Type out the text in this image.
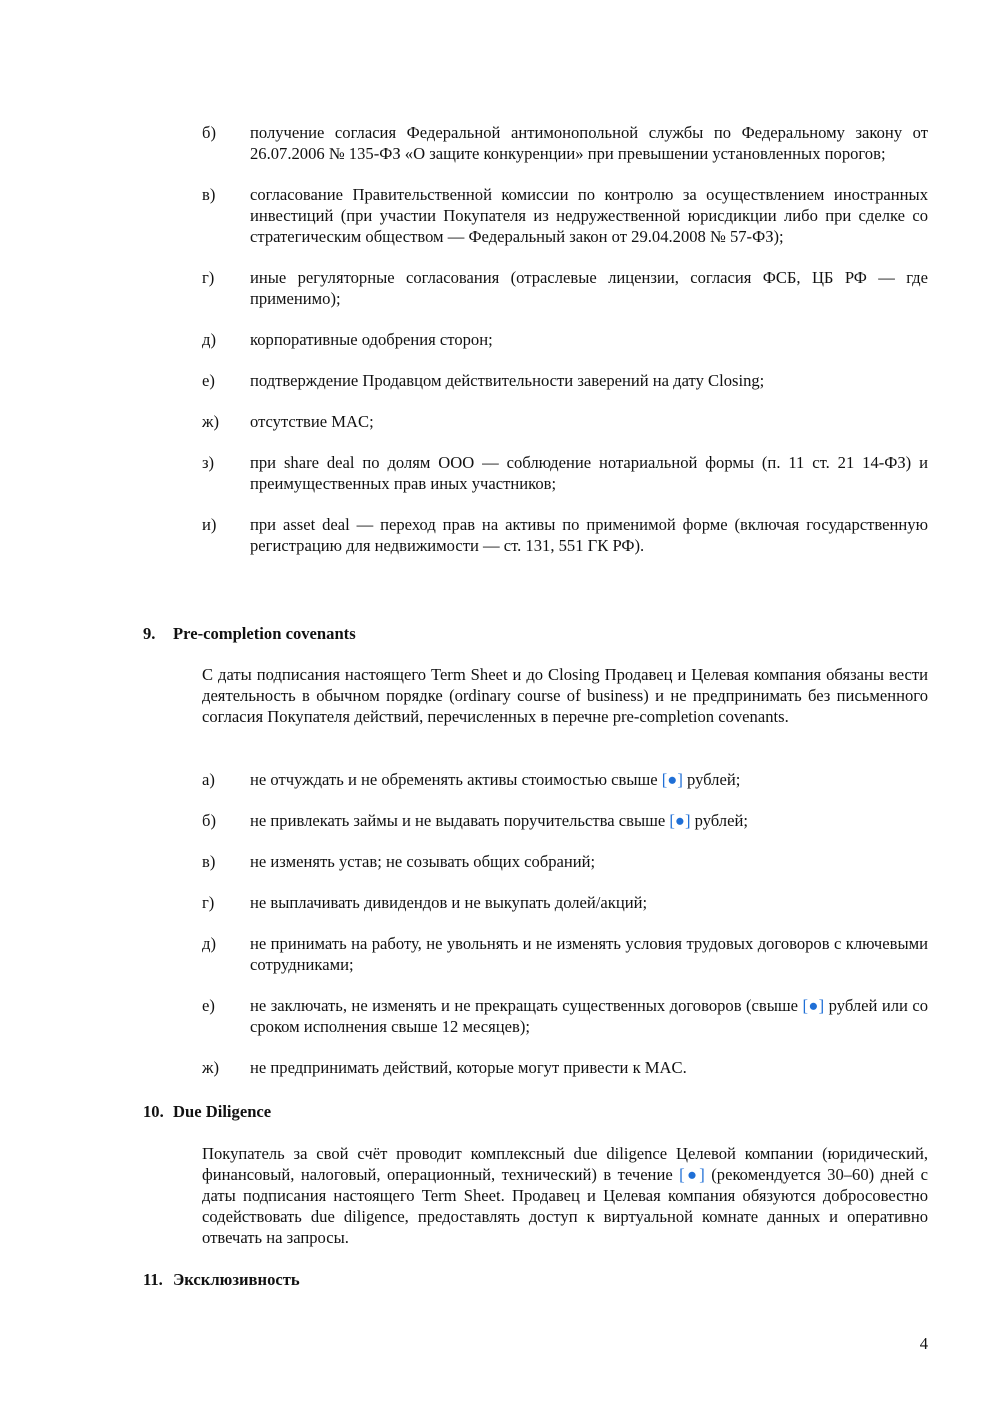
б)	получение согласия Федеральной антимонопольной службы по Федеральному закону от 26.07.2006 № 135-ФЗ «О защите конкуренции» при превышении установленных порогов;
в)	согласование Правительственной комиссии по контролю за осуществлением иностранных инвестиций (при участии Покупателя из недружественной юрисдикции либо при сделке со стратегическим обществом — Федеральный закон от 29.04.2008 № 57-ФЗ);
г)	иные регуляторные согласования (отраслевые лицензии, согласия ФСБ, ЦБ РФ — где применимо);
д)	корпоративные одобрения сторон;
е)	подтверждение Продавцом действительности заверений на дату Closing;
ж)	отсутствие MAC;
з)	при share deal по долям ООО — соблюдение нотариальной формы (п. 11 ст. 21 14-ФЗ) и преимущественных прав иных участников;
и)	при asset deal — переход прав на активы по применимой форме (включая государственную регистрацию для недвижимости — ст. 131, 551 ГК РФ).
9. Pre-completion covenants
С даты подписания настоящего Term Sheet и до Closing Продавец и Целевая компания обязаны вести деятельность в обычном порядке (ordinary course of business) и не предпринимать без письменного согласия Покупателя действий, перечисленных в перечне pre-completion covenants.
а)	не отчуждать и не обременять активы стоимостью свыше [●] рублей;
б)	не привлекать займы и не выдавать поручительства свыше [●] рублей;
в)	не изменять устав; не созывать общих собраний;
г)	не выплачивать дивидендов и не выкупать долей/акций;
д)	не принимать на работу, не увольнять и не изменять условия трудовых договоров с ключевыми сотрудниками;
е)	не заключать, не изменять и не прекращать существенных договоров (свыше [●] рублей или со сроком исполнения свыше 12 месяцев);
ж)	не предпринимать действий, которые могут привести к MAC.
10. Due Diligence
Покупатель за свой счёт проводит комплексный due diligence Целевой компании (юридический, финансовый, налоговый, операционный, технический) в течение [●] (рекомендуется 30–60) дней с даты подписания настоящего Term Sheet. Продавец и Целевая компания обязуются добросовестно содействовать due diligence, предоставлять доступ к виртуальной комнате данных и оперативно отвечать на запросы.
11. Эксклюзивность
4
